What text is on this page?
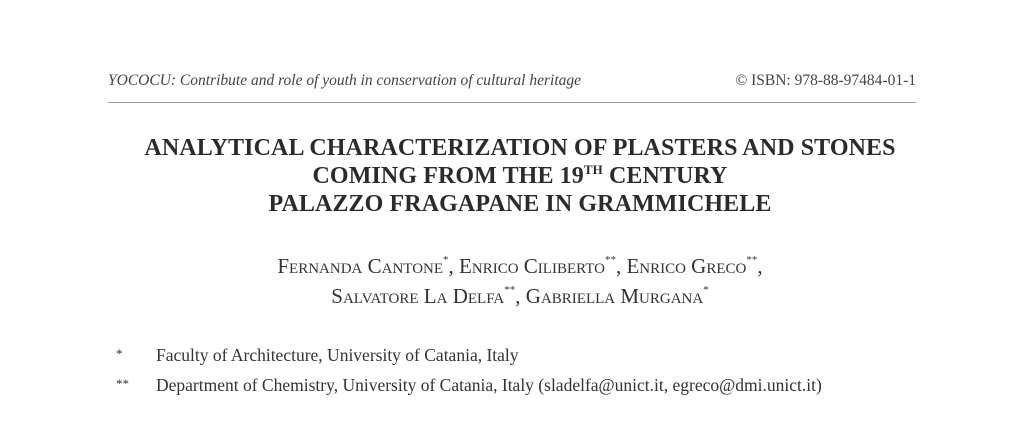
YOCOCU: Contribute and role of youth in conservation of cultural heritage	© ISBN: 978-88-97484-01-1
ANALYTICAL CHARACTERIZATION OF PLASTERS AND STONES
COMING FROM THE 19TH CENTURY
PALAZZO FRAGAPANE IN GRAMMICHELE
Fernanda Cantone*, Enrico Ciliberto**, Enrico Greco**,
Salvatore La Delfa**, Gabriella Murgana*
* Faculty of Architecture, University of Catania, Italy
** Department of Chemistry, University of Catania, Italy (sladelfa@unict.it, egreco@dmi.unict.it)
